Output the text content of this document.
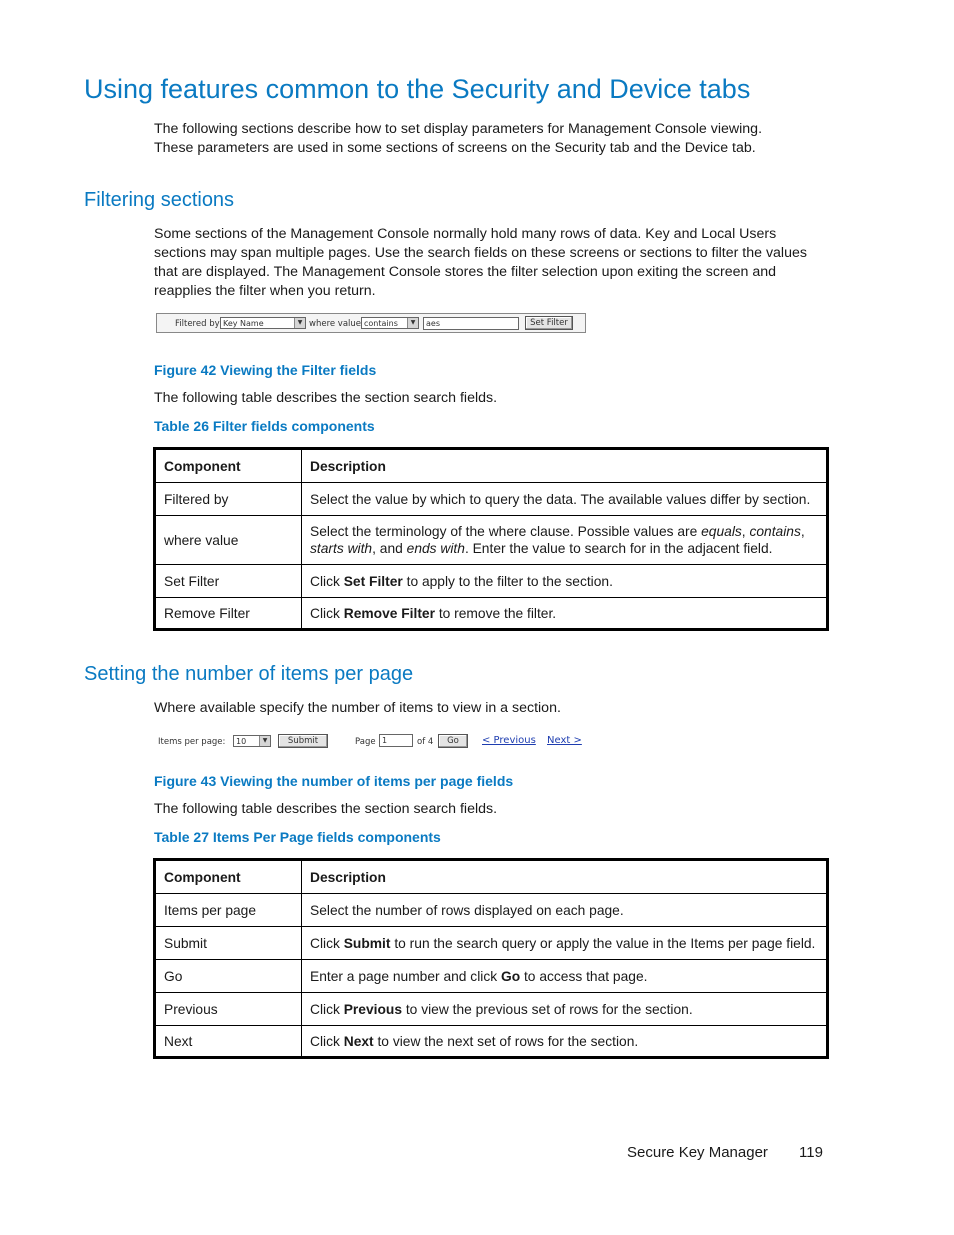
Using features common to the Security and Device tabs
The following sections describe how to set display parameters for Management Console viewing.
These parameters are used in some sections of screens on the Security tab and the Device tab.
Filtering sections
Some sections of the Management Console normally hold many rows of data. Key and Local Users
sections may span multiple pages. Use the search fields on these screens or sections to filter the values
that are displayed. The Management Console stores the filter selection upon exiting the screen and
reapplies the filter when you return.
Filtered by Key Name	▼ where value contains	▼	aes	Set Filter
Figure 42 Viewing the Filter fields
The following table describes the section search fields.
Table 26 Filter fields components
Component	Description
Filtered by	Select the value by which to query the data. The available values differ by section.
where value	Select the terminology of the where clause. Possible values are equals, contains, starts with, and ends with. Enter the value to search for in the adjacent field.
Set Filter	Click Set Filter to apply to the filter to the section.
Remove Filter	Click Remove Filter to remove the filter.
Setting the number of items per page
Where available specify the number of items to view in a section.
Items per page:	10	▼	Submit	Page 1	of 4	Go	< Previous Next >
Figure 43 Viewing the number of items per page fields
The following table describes the section search fields.
Table 27 Items Per Page fields components
Component	Description
Items per page	Select the number of rows displayed on each page.
Submit	Click Submit to run the search query or apply the value in the Items per page field.
Go	Enter a page number and click Go to access that page.
Previous	Click Previous to view the previous set of rows for the section.
Next	Click Next to view the next set of rows for the section.
Secure Key Manager 119
